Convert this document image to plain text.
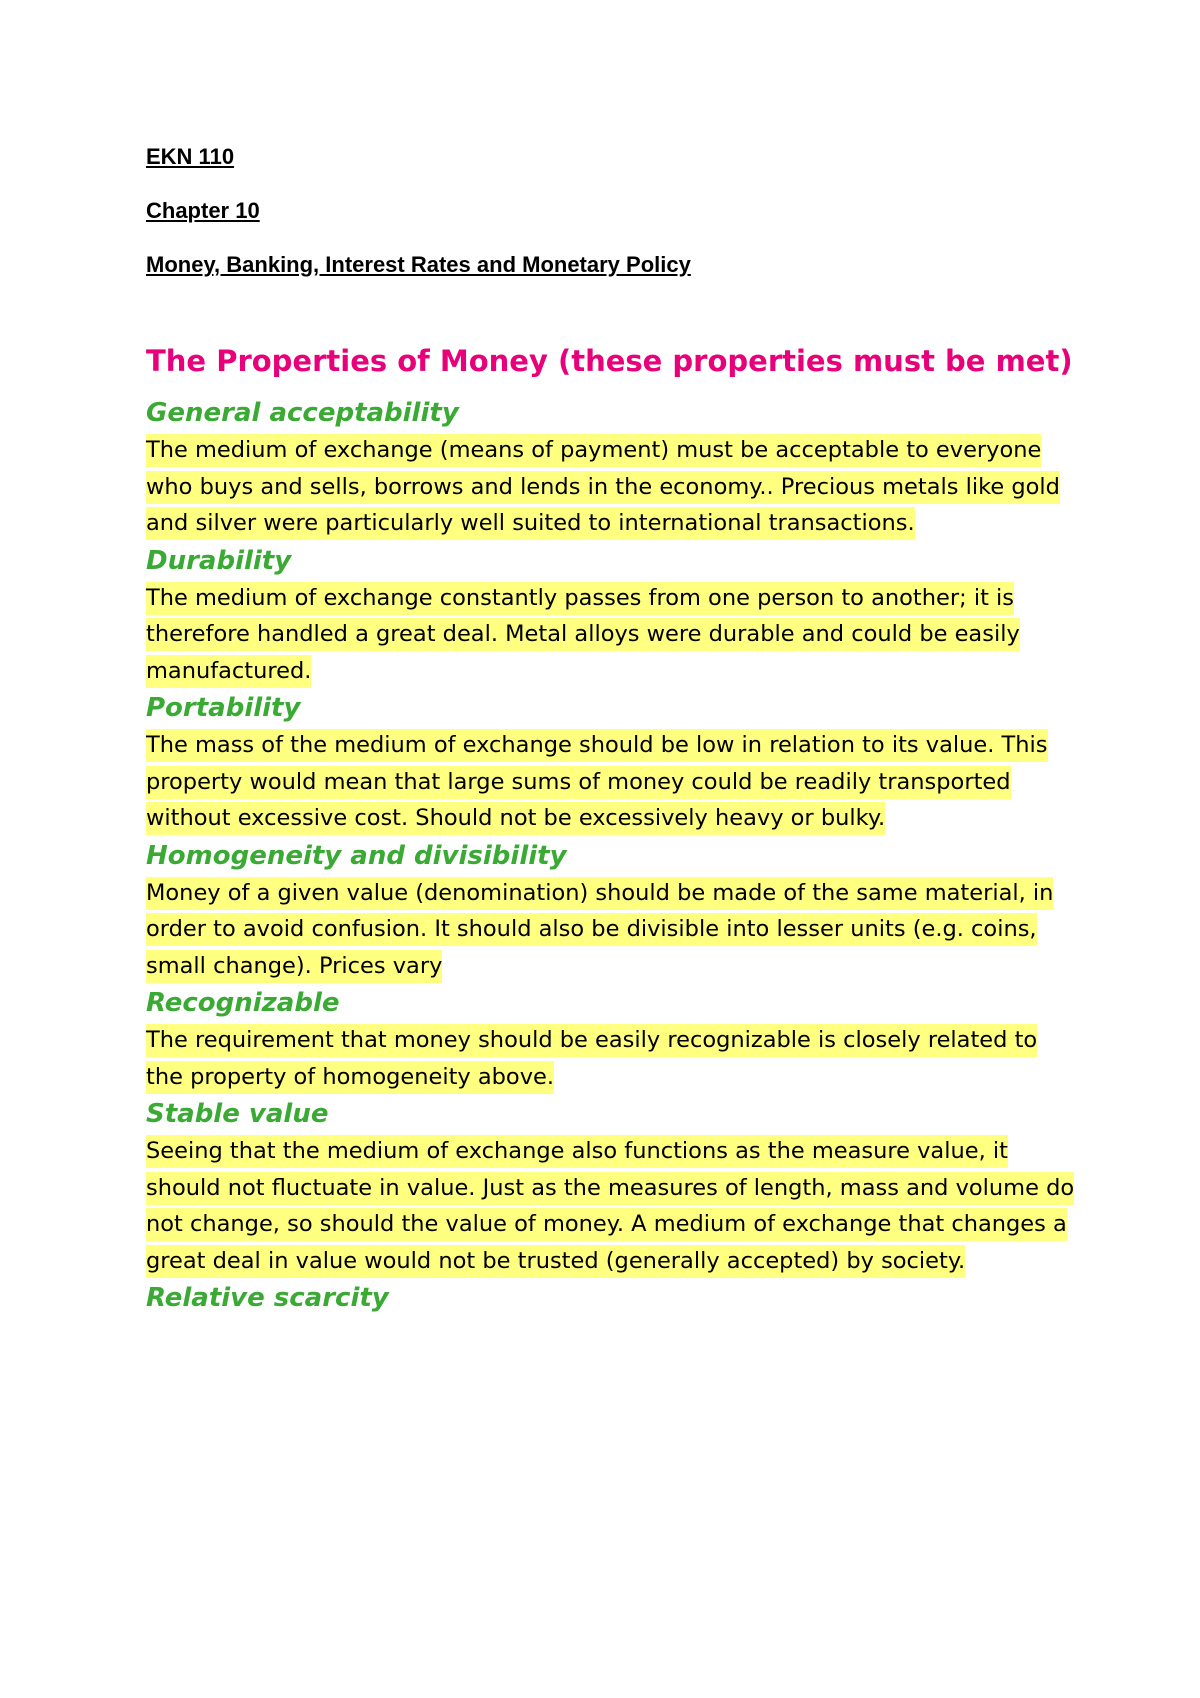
EKN 110

Chapter 10

Money, Banking, Interest Rates and Monetary Policy

The Properties of Money (these properties must be met)
General acceptability

The medium of exchange (means of payment) must be acceptable to everyone who buys and sells, borrows and lends in the economy.. Precious metals like gold and silver were particularly well suited to international transactions.

Durability

The medium of exchange constantly passes from one person to another; it is therefore handled a great deal. Metal alloys were durable and could be easily manufactured.

Portability

The mass of the medium of exchange should be low in relation to its value. This property would mean that large sums of money could be readily transported without excessive cost. Should not be excessively heavy or bulky.

Homogeneity and divisibility

Money of a given value (denomination) should be made of the same material, in order to avoid confusion. It should also be divisible into lesser units (e.g. coins, small change). Prices vary

Recognizable

The requirement that money should be easily recognizable is closely related to the property of homogeneity above.

Stable value

Seeing that the medium of exchange also functions as the measure value, it should not fluctuate in value. Just as the measures of length, mass and volume do not change, so should the value of money. A medium of exchange that changes a great deal in value would not be trusted (generally accepted) by society.

Relative scarcity
